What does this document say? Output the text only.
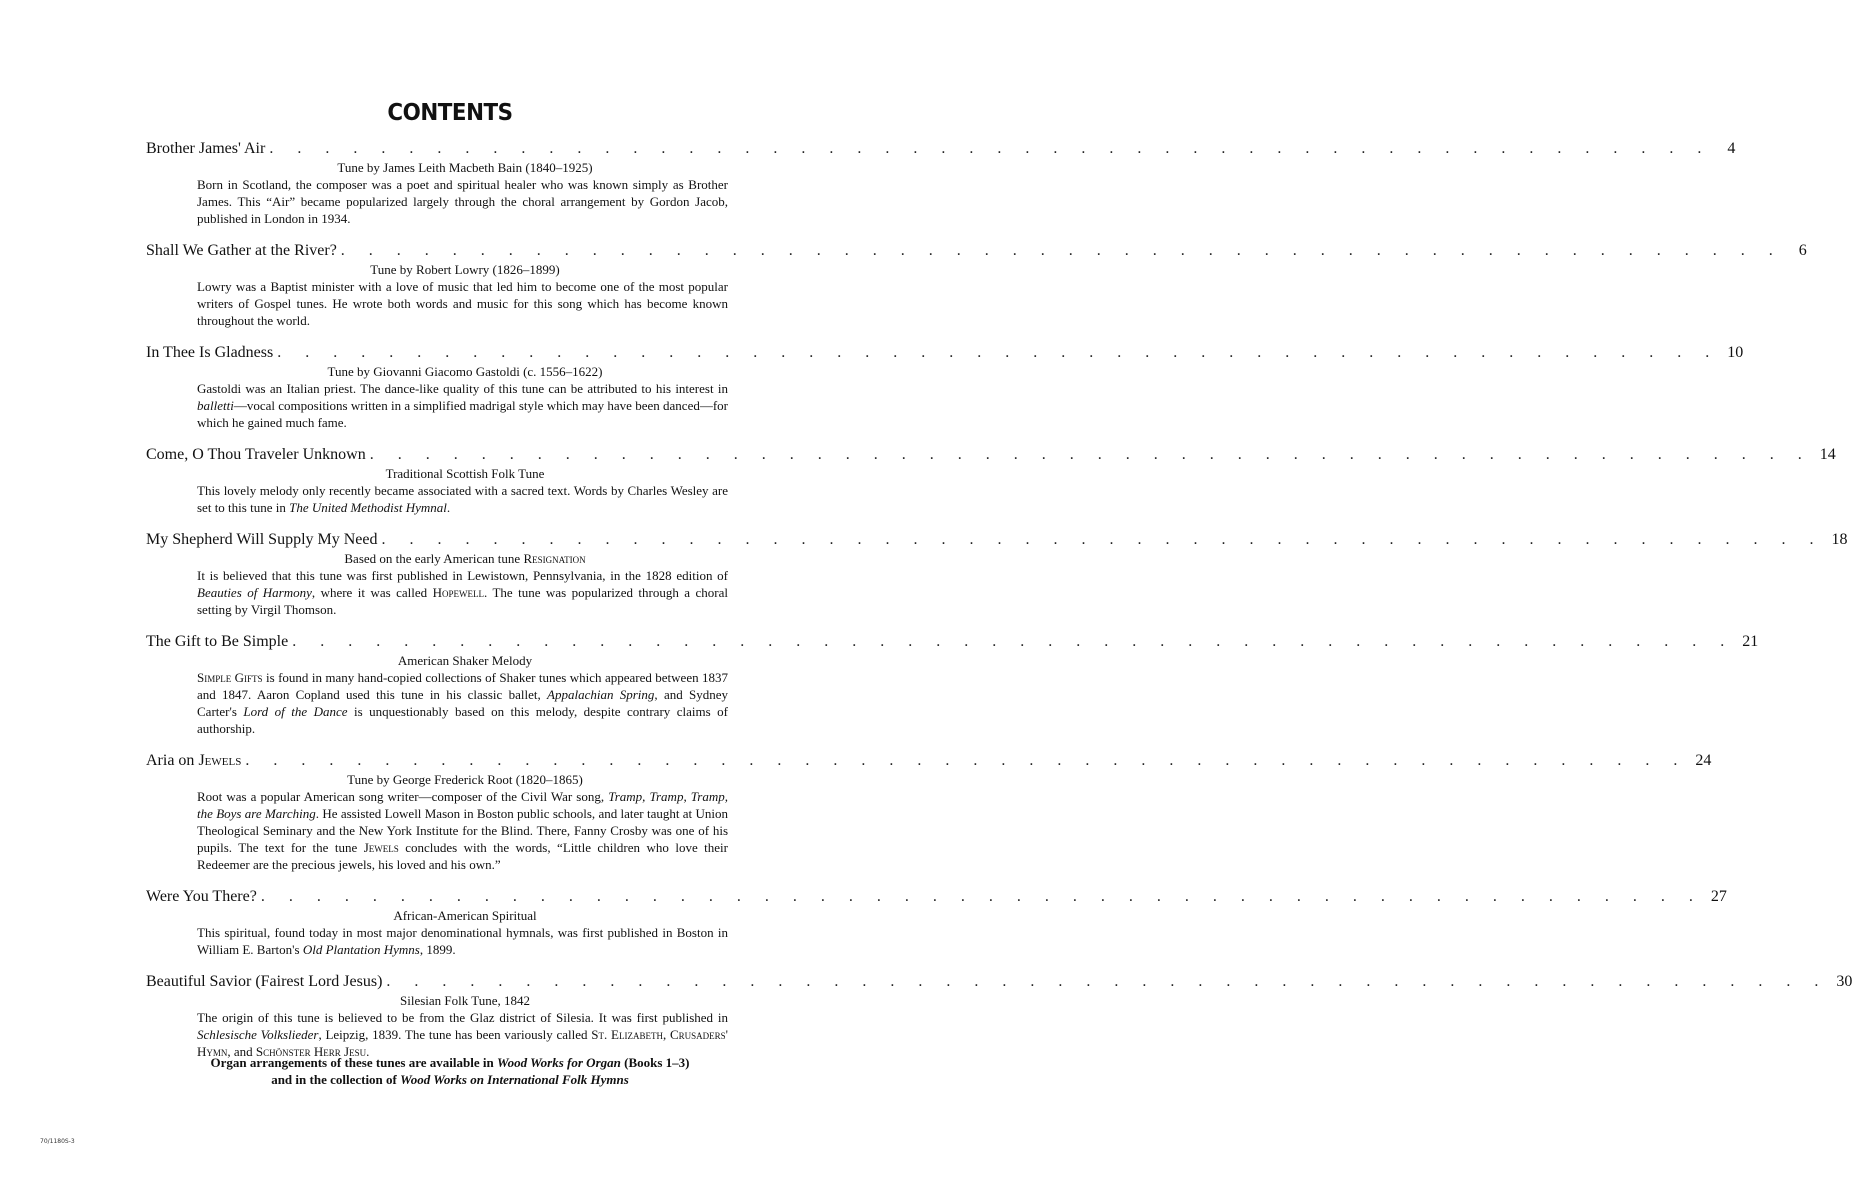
CONTENTS
Brother James' Air . . . . . . . . . . . . . . . . . . . . . . . . . . . . . . . . . . . . . . . . . . . . . . . . . . . .	4
Tune by James Leith Macbeth Bain (1840–1925)
Born in Scotland, the composer was a poet and spiritual healer who was known simply as Brother James. This “Air” became popularized largely through the choral arrangement by Gordon Jacob, published in London in 1934.
Shall We Gather at the River? . . . . . . . . . . . . . . . . . . . . . . . . . . . . . . . . . . . . . . . . . . . . . . . . . . . .	6
Tune by Robert Lowry (1826–1899)
Lowry was a Baptist minister with a love of music that led him to become one of the most popular writers of Gospel tunes. He wrote both words and music for this song which has become known throughout the world.
In Thee Is Gladness . . . . . . . . . . . . . . . . . . . . . . . . . . . . . . . . . . . . . . . . . . . . . . . . . . . . 10
Tune by Giovanni Giacomo Gastoldi (c. 1556–1622)
Gastoldi was an Italian priest. The dance-like quality of this tune can be attributed to his interest in balletti—vocal compositions written in a simplified madrigal style which may have been danced—for which he gained much fame.
Come, O Thou Traveler Unknown . . . . . . . . . . . . . . . . . . . . . . . . . . . . . . . . . . . . . . . . . . . . . . . . . . . . 14
Traditional Scottish Folk Tune
This lovely melody only recently became associated with a sacred text. Words by Charles Wesley are set to this tune in The United Methodist Hymnal.
My Shepherd Will Supply My Need . . . . . . . . . . . . . . . . . . . . . . . . . . . . . . . . . . . . . . . . . . . . . . . . . . . . 18
Based on the early American tune Resignation
It is believed that this tune was first published in Lewistown, Pennsylvania, in the 1828 edition of Beauties of Harmony, where it was called Hopewell. The tune was popularized through a choral setting by Virgil Thomson.
The Gift to Be Simple . . . . . . . . . . . . . . . . . . . . . . . . . . . . . . . . . . . . . . . . . . . . . . . . . . . . 21
American Shaker Melody
Simple Gifts is found in many hand-copied collections of Shaker tunes which appeared between 1837 and 1847. Aaron Copland used this tune in his classic ballet, Appalachian Spring, and Sydney Carter's Lord of the Dance is unquestionably based on this melody, despite contrary claims of authorship.
Aria on Jewels . . . . . . . . . . . . . . . . . . . . . . . . . . . . . . . . . . . . . . . . . . . . . . . . . . . . 24
Tune by George Frederick Root (1820–1865)
Root was a popular American song writer—composer of the Civil War song, Tramp, Tramp, Tramp, the Boys are Marching. He assisted Lowell Mason in Boston public schools, and later taught at Union Theological Seminary and the New York Institute for the Blind. There, Fanny Crosby was one of his pupils. The text for the tune Jewels concludes with the words, “Little children who love their Redeemer are the precious jewels, his loved and his own.”
Were You There? . . . . . . . . . . . . . . . . . . . . . . . . . . . . . . . . . . . . . . . . . . . . . . . . . . . . 27
African-American Spiritual
This spiritual, found today in most major denominational hymnals, was first published in Boston in William E. Barton's Old Plantation Hymns, 1899.
Beautiful Savior (Fairest Lord Jesus) . . . . . . . . . . . . . . . . . . . . . . . . . . . . . . . . . . . . . . . . . . . . . . . . . . . . 30
Silesian Folk Tune, 1842
The origin of this tune is believed to be from the Glaz district of Silesia. It was first published in Schlesische Volkslieder, Leipzig, 1839. The tune has been variously called St. Elizabeth, Crusaders' Hymn, and Schönster Herr Jesu.
Organ arrangements of these tunes are available in Wood Works for Organ (Books 1–3)
and in the collection of Wood Works on International Folk Hymns
70/1180S-3
